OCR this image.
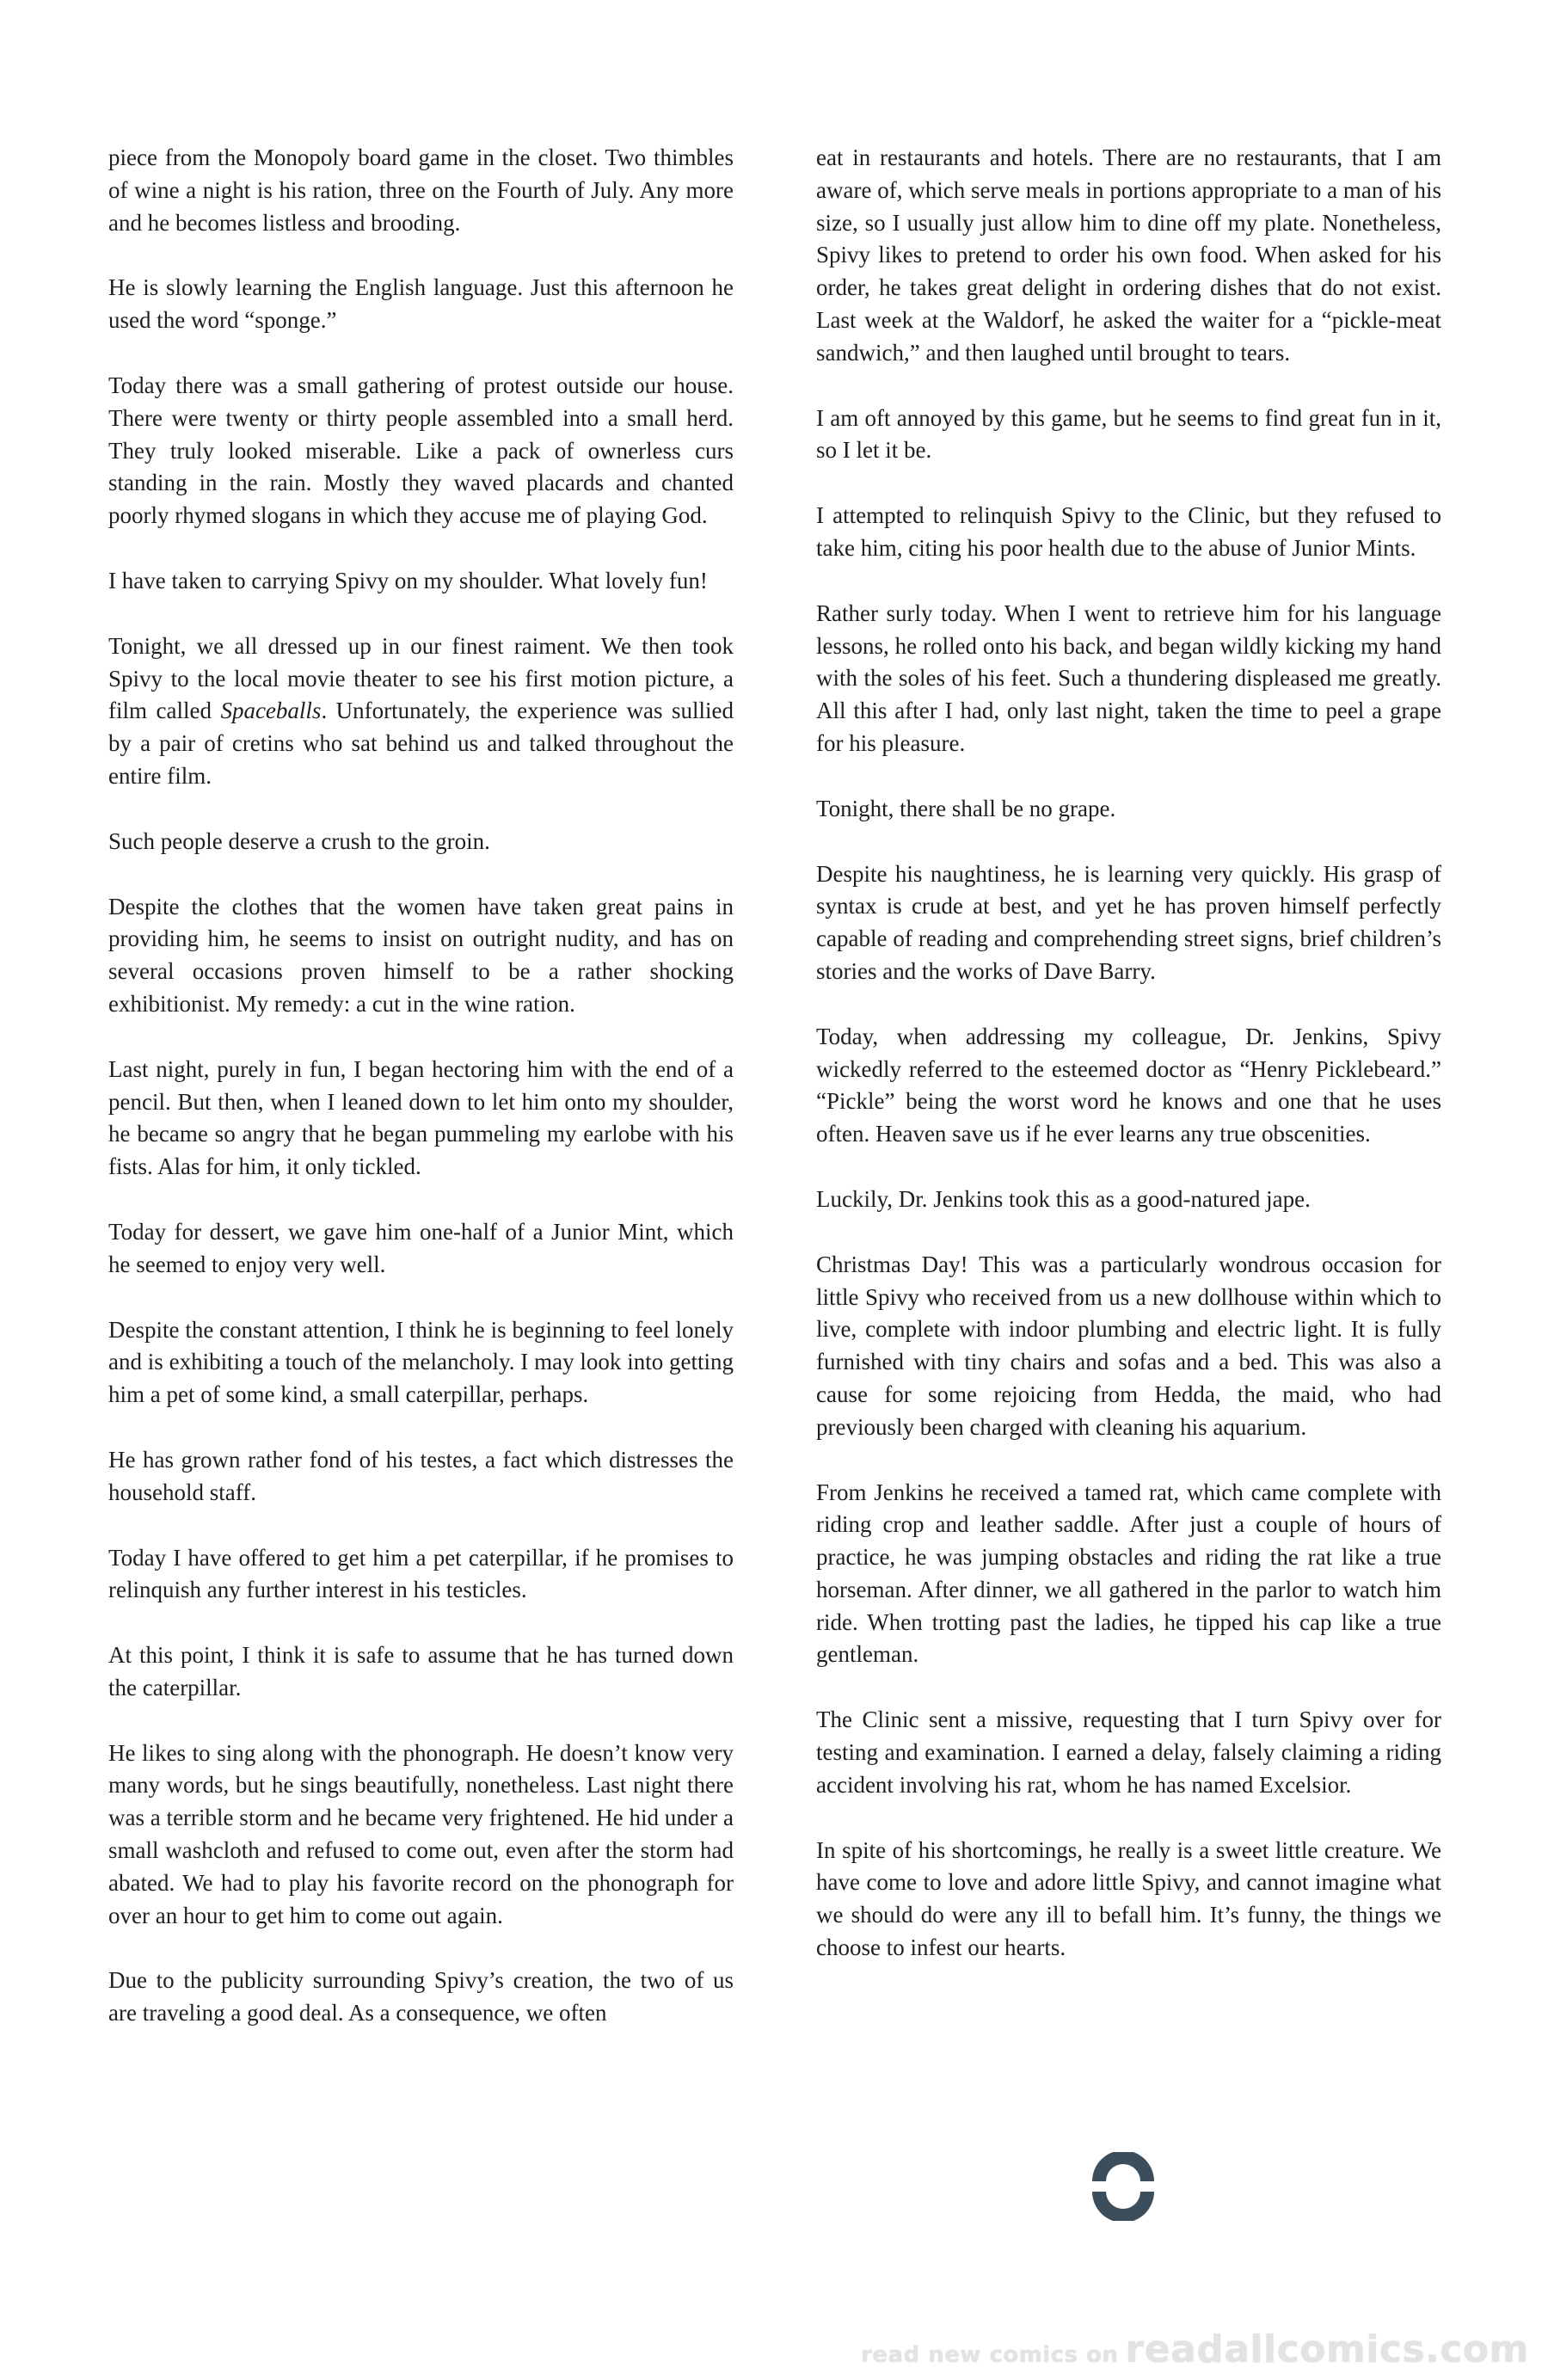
piece from the Monopoly board game in the closet. Two thimbles of wine a night is his ration, three on the Fourth of July. Any more and he becomes listless and brooding.

He is slowly learning the English language. Just this afternoon he used the word “sponge.”

Today there was a small gathering of protest outside our house. There were twenty or thirty people assembled into a small herd. They truly looked miserable. Like a pack of ownerless curs standing in the rain. Mostly they waved placards and chanted poorly rhymed slogans in which they accuse me of playing God.

I have taken to carrying Spivy on my shoulder. What lovely fun!

Tonight, we all dressed up in our finest raiment. We then took Spivy to the local movie theater to see his first motion picture, a film called Spaceballs. Unfortunately, the experience was sullied by a pair of cretins who sat behind us and talked throughout the entire film.

Such people deserve a crush to the groin.

Despite the clothes that the women have taken great pains in providing him, he seems to insist on outright nudity, and has on several occasions proven himself to be a rather shocking exhibitionist. My remedy: a cut in the wine ration.

Last night, purely in fun, I began hectoring him with the end of a pencil. But then, when I leaned down to let him onto my shoulder, he became so angry that he began pummeling my earlobe with his fists. Alas for him, it only tickled.

Today for dessert, we gave him one-half of a Junior Mint, which he seemed to enjoy very well.

Despite the constant attention, I think he is beginning to feel lonely and is exhibiting a touch of the melancholy. I may look into getting him a pet of some kind, a small caterpillar, perhaps.

He has grown rather fond of his testes, a fact which distresses the household staff.

Today I have offered to get him a pet caterpillar, if he promises to relinquish any further interest in his testicles.

At this point, I think it is safe to assume that he has turned down the caterpillar.

He likes to sing along with the phonograph. He doesn’t know very many words, but he sings beautifully, nonetheless. Last night there was a terrible storm and he became very frightened. He hid under a small washcloth and refused to come out, even after the storm had abated. We had to play his favorite record on the phonograph for over an hour to get him to come out again.

Due to the publicity surrounding Spivy’s creation, the two of us are traveling a good deal. As a consequence, we often

eat in restaurants and hotels. There are no restaurants, that I am aware of, which serve meals in portions appropriate to a man of his size, so I usually just allow him to dine off my plate. Nonetheless, Spivy likes to pretend to order his own food. When asked for his order, he takes great delight in ordering dishes that do not exist. Last week at the Waldorf, he asked the waiter for a “pickle-meat sandwich,” and then laughed until brought to tears.

I am oft annoyed by this game, but he seems to find great fun in it, so I let it be.

I attempted to relinquish Spivy to the Clinic, but they refused to take him, citing his poor health due to the abuse of Junior Mints.

Rather surly today. When I went to retrieve him for his language lessons, he rolled onto his back, and began wildly kicking my hand with the soles of his feet. Such a thundering displeased me greatly. All this after I had, only last night, taken the time to peel a grape for his pleasure.

Tonight, there shall be no grape.

Despite his naughtiness, he is learning very quickly. His grasp of syntax is crude at best, and yet he has proven himself perfectly capable of reading and comprehending street signs, brief children’s stories and the works of Dave Barry.

Today, when addressing my colleague, Dr. Jenkins, Spivy wickedly referred to the esteemed doctor as “Henry Picklebeard.” “Pickle” being the worst word he knows and one that he uses often. Heaven save us if he ever learns any true obscenities.

Luckily, Dr. Jenkins took this as a good-natured jape.

Christmas Day! This was a particularly wondrous occasion for little Spivy who received from us a new dollhouse within which to live, complete with indoor plumbing and electric light. It is fully furnished with tiny chairs and sofas and a bed. This was also a cause for some rejoicing from Hedda, the maid, who had previously been charged with cleaning his aquarium.

From Jenkins he received a tamed rat, which came complete with riding crop and leather saddle. After just a couple of hours of practice, he was jumping obstacles and riding the rat like a true horseman. After dinner, we all gathered in the parlor to watch him ride. When trotting past the ladies, he tipped his cap like a true gentleman.

The Clinic sent a missive, requesting that I turn Spivy over for testing and examination. I earned a delay, falsely claiming a riding accident involving his rat, whom he has named Excelsior.

In spite of his shortcomings, he really is a sweet little creature. We have come to love and adore little Spivy, and cannot imagine what we should do were any ill to befall him. It’s funny, the things we choose to infest our hearts.

read new comics on readallcomics.com
